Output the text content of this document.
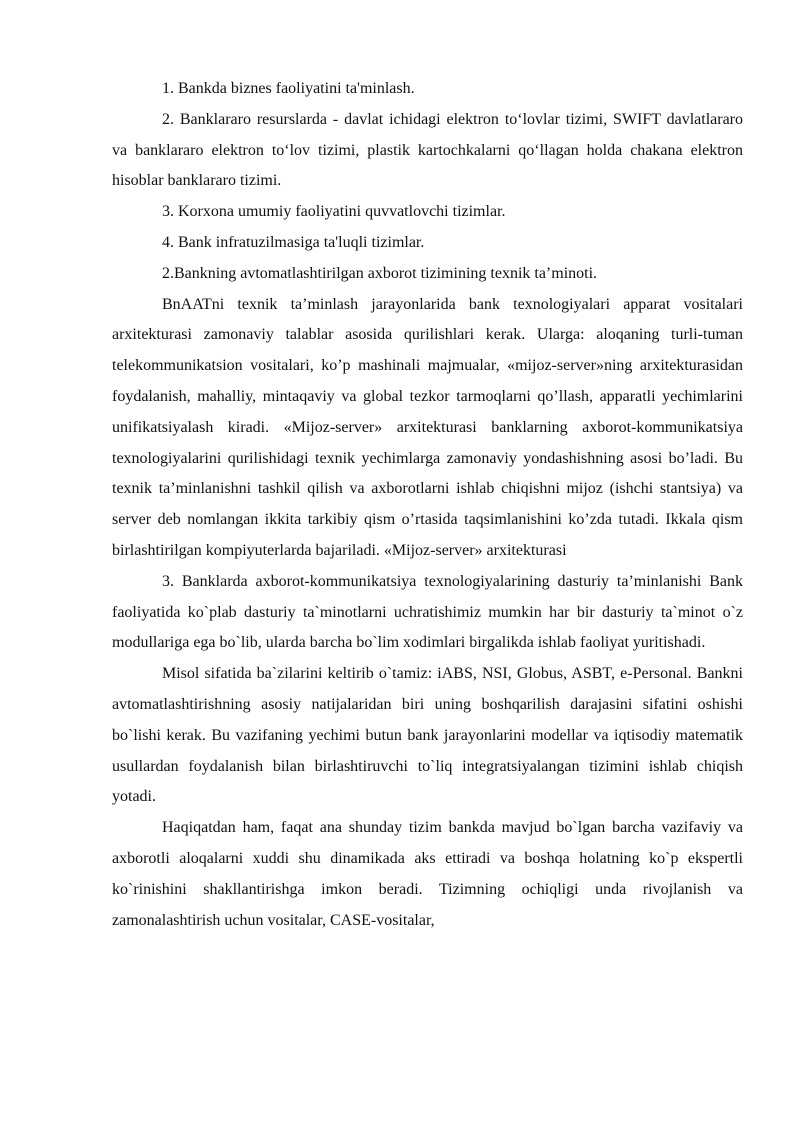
1. Bankda biznes faoliyatini ta'minlash.

2. Banklararo resurslarda - davlat ichidagi elektron to‘lovlar tizimi, SWIFT davlatlararo va banklararo elektron to‘lov tizimi, plastik kartochkalarni qo‘llagan holda chakana elektron hisoblar banklararo tizimi.

3. Korxona umumiy faoliyatini quvvatlovchi tizimlar.

4. Bank infratuzilmasiga ta'luqli tizimlar.

2.Bankning avtomatlashtirilgan axborot tizimining texnik ta’minoti.

BnAATni texnik ta’minlash jarayonlarida bank texnologiyalari apparat vositalari arxitekturasi zamonaviy talablar asosida qurilishlari kerak. Ularga: aloqaning turli-tuman telekommunikatsion vositalari, ko’p mashinali majmualar, «mijoz-server»ning arxitekturasidan foydalanish, mahalliy, mintaqaviy va global tezkor tarmoqlarni qo’llash, apparatli yechimlarini unifikatsiyalash kiradi. «Mijoz-server» arxitekturasi banklarning axborot-kommunikatsiya texnologiyalarini qurilishidagi texnik yechimlarga zamonaviy yondashishning asosi bo’ladi. Bu texnik ta’minlanishni tashkil qilish va axborotlarni ishlab chiqishni mijoz (ishchi stantsiya) va server deb nomlangan ikkita tarkibiy qism o’rtasida taqsimlanishini ko’zda tutadi. Ikkala qism birlashtirilgan kompiyuterlarda bajariladi. «Mijoz-server» arxitekturasi

3. Banklarda axborot-kommunikatsiya texnologiyalarining dasturiy ta’minlanishi Bank faoliyatida ko`plab dasturiy ta`minotlarni uchratishimiz mumkin har bir dasturiy ta`minot o`z modullariga ega bo`lib, ularda barcha bo`lim xodimlari birgalikda ishlab faoliyat yuritishadi.

Misol sifatida ba`zilarini keltirib o`tamiz: iABS, NSI, Globus, ASBT, e-Personal. Bankni avtomatlashtirishning asosiy natijalaridan biri uning boshqarilish darajasini sifatini oshishi bo`lishi kerak. Bu vazifaning yechimi butun bank jarayonlarini modellar va iqtisodiy matematik usullardan foydalanish bilan birlashtiruvchi to`liq integratsiyalangan tizimini ishlab chiqish yotadi.

Haqiqatdan ham, faqat ana shunday tizim bankda mavjud bo`lgan barcha vazifaviy va axborotli aloqalarni xuddi shu dinamikada aks ettiradi va boshqa holatning ko`p ekspertli ko`rinishini shakllantirishga imkon beradi. Tizimning ochiqligi unda rivojlanish va zamonalashtirish uchun vositalar, CASE-vositalar,
